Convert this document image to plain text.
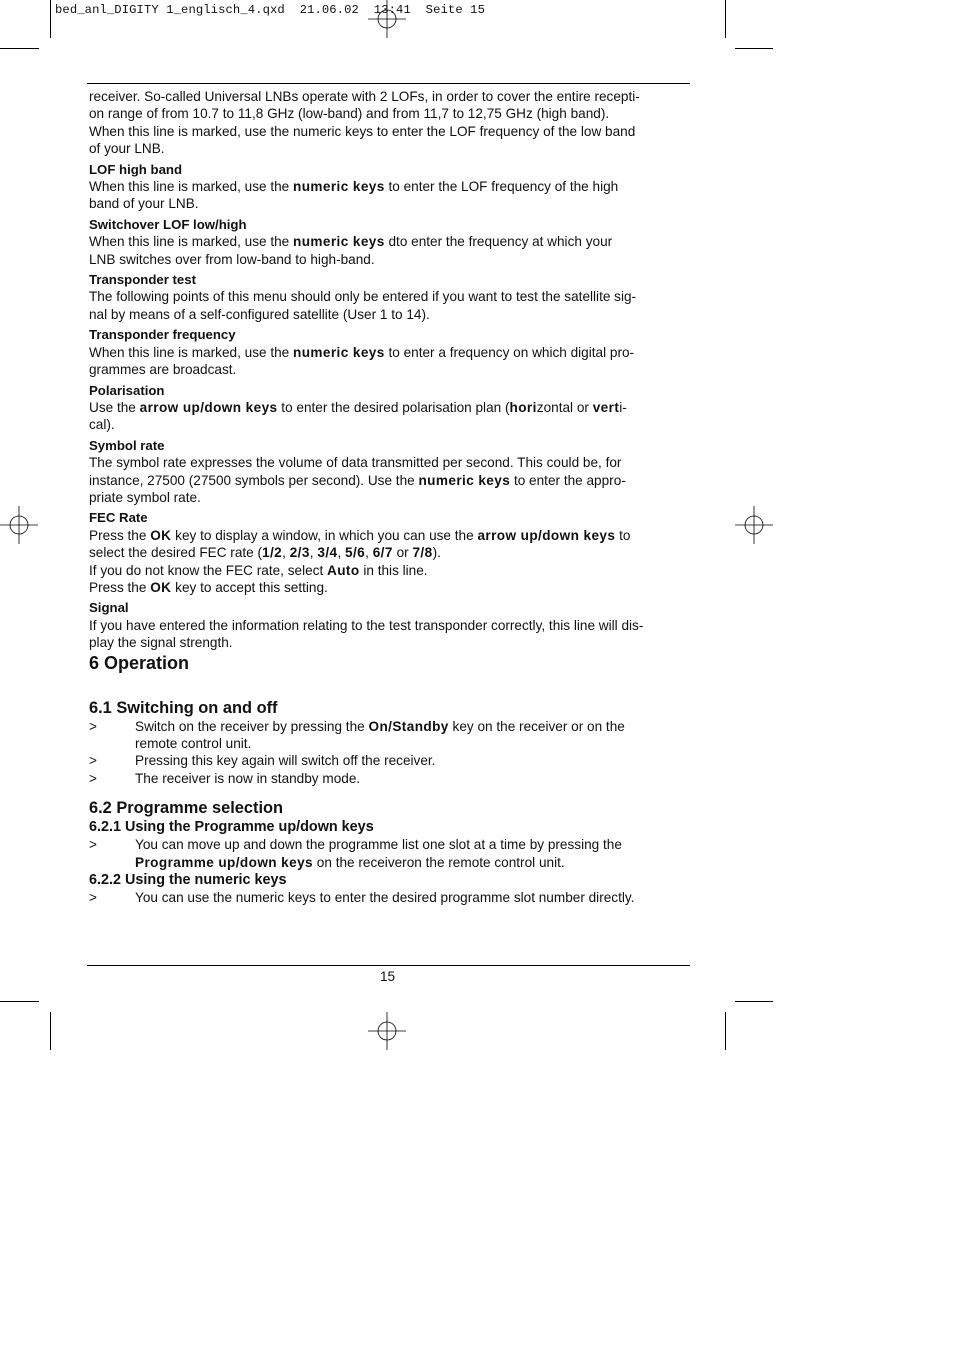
bed_anl_DIGITY 1_englisch_4.qxd  21.06.02  13:41  Seite 15

receiver. So-called Universal LNBs operate with 2 LOFs, in order to cover the entire recepti-

on range of from 10.7 to 11,8 GHz (low-band) and from 11,7 to 12,75 GHz (high band).

When this line is marked, use the numeric keys to enter the LOF frequency of the low band

of your LNB.

LOF high band

When this line is marked, use the numeric keys to enter the LOF frequency of the high

band of your LNB.

Switchover LOF low/high

When this line is marked, use the numeric keys dto enter the frequency at which your

LNB switches over from low-band to high-band.

Transponder test

The following points of this menu should only be entered if you want to test the satellite sig-

nal by means of a self-configured satellite (User 1 to 14).

Transponder frequency

When this line is marked, use the numeric keys to enter a frequency on which digital pro-

grammes are broadcast.

Polarisation

Use the arrow up/down keys to enter the desired polarisation plan (horizontal or verti-

cal).

Symbol rate

The symbol rate expresses the volume of data transmitted per second. This could be, for

instance, 27500 (27500 symbols per second). Use the numeric keys to enter the appro-

priate symbol rate.

FEC Rate

Press the OK key to display a window, in which you can use the arrow up/down keys to

select the desired FEC rate (1/2, 2/3, 3/4, 5/6, 6/7 or 7/8).

If you do not know the FEC rate, select Auto in this line.

Press the OK key to accept this setting.

Signal

If you have entered the information relating to the test transponder correctly, this line will dis-

play the signal strength.

6 Operation

6.1 Switching on and off

>	Switch on the receiver by pressing the On/Standby key on the receiver or on the
remote control unit.
>	Pressing this key again will switch off the receiver.
>	The receiver is now in standby mode.

6.2 Programme selection

6.2.1 Using the Programme up/down keys

>	You can move up and down the programme list one slot at a time by pressing the
Programme up/down keys on the receiveron the remote control unit.

6.2.2 Using the numeric keys

>	You can use the numeric keys to enter the desired programme slot number directly.
15
